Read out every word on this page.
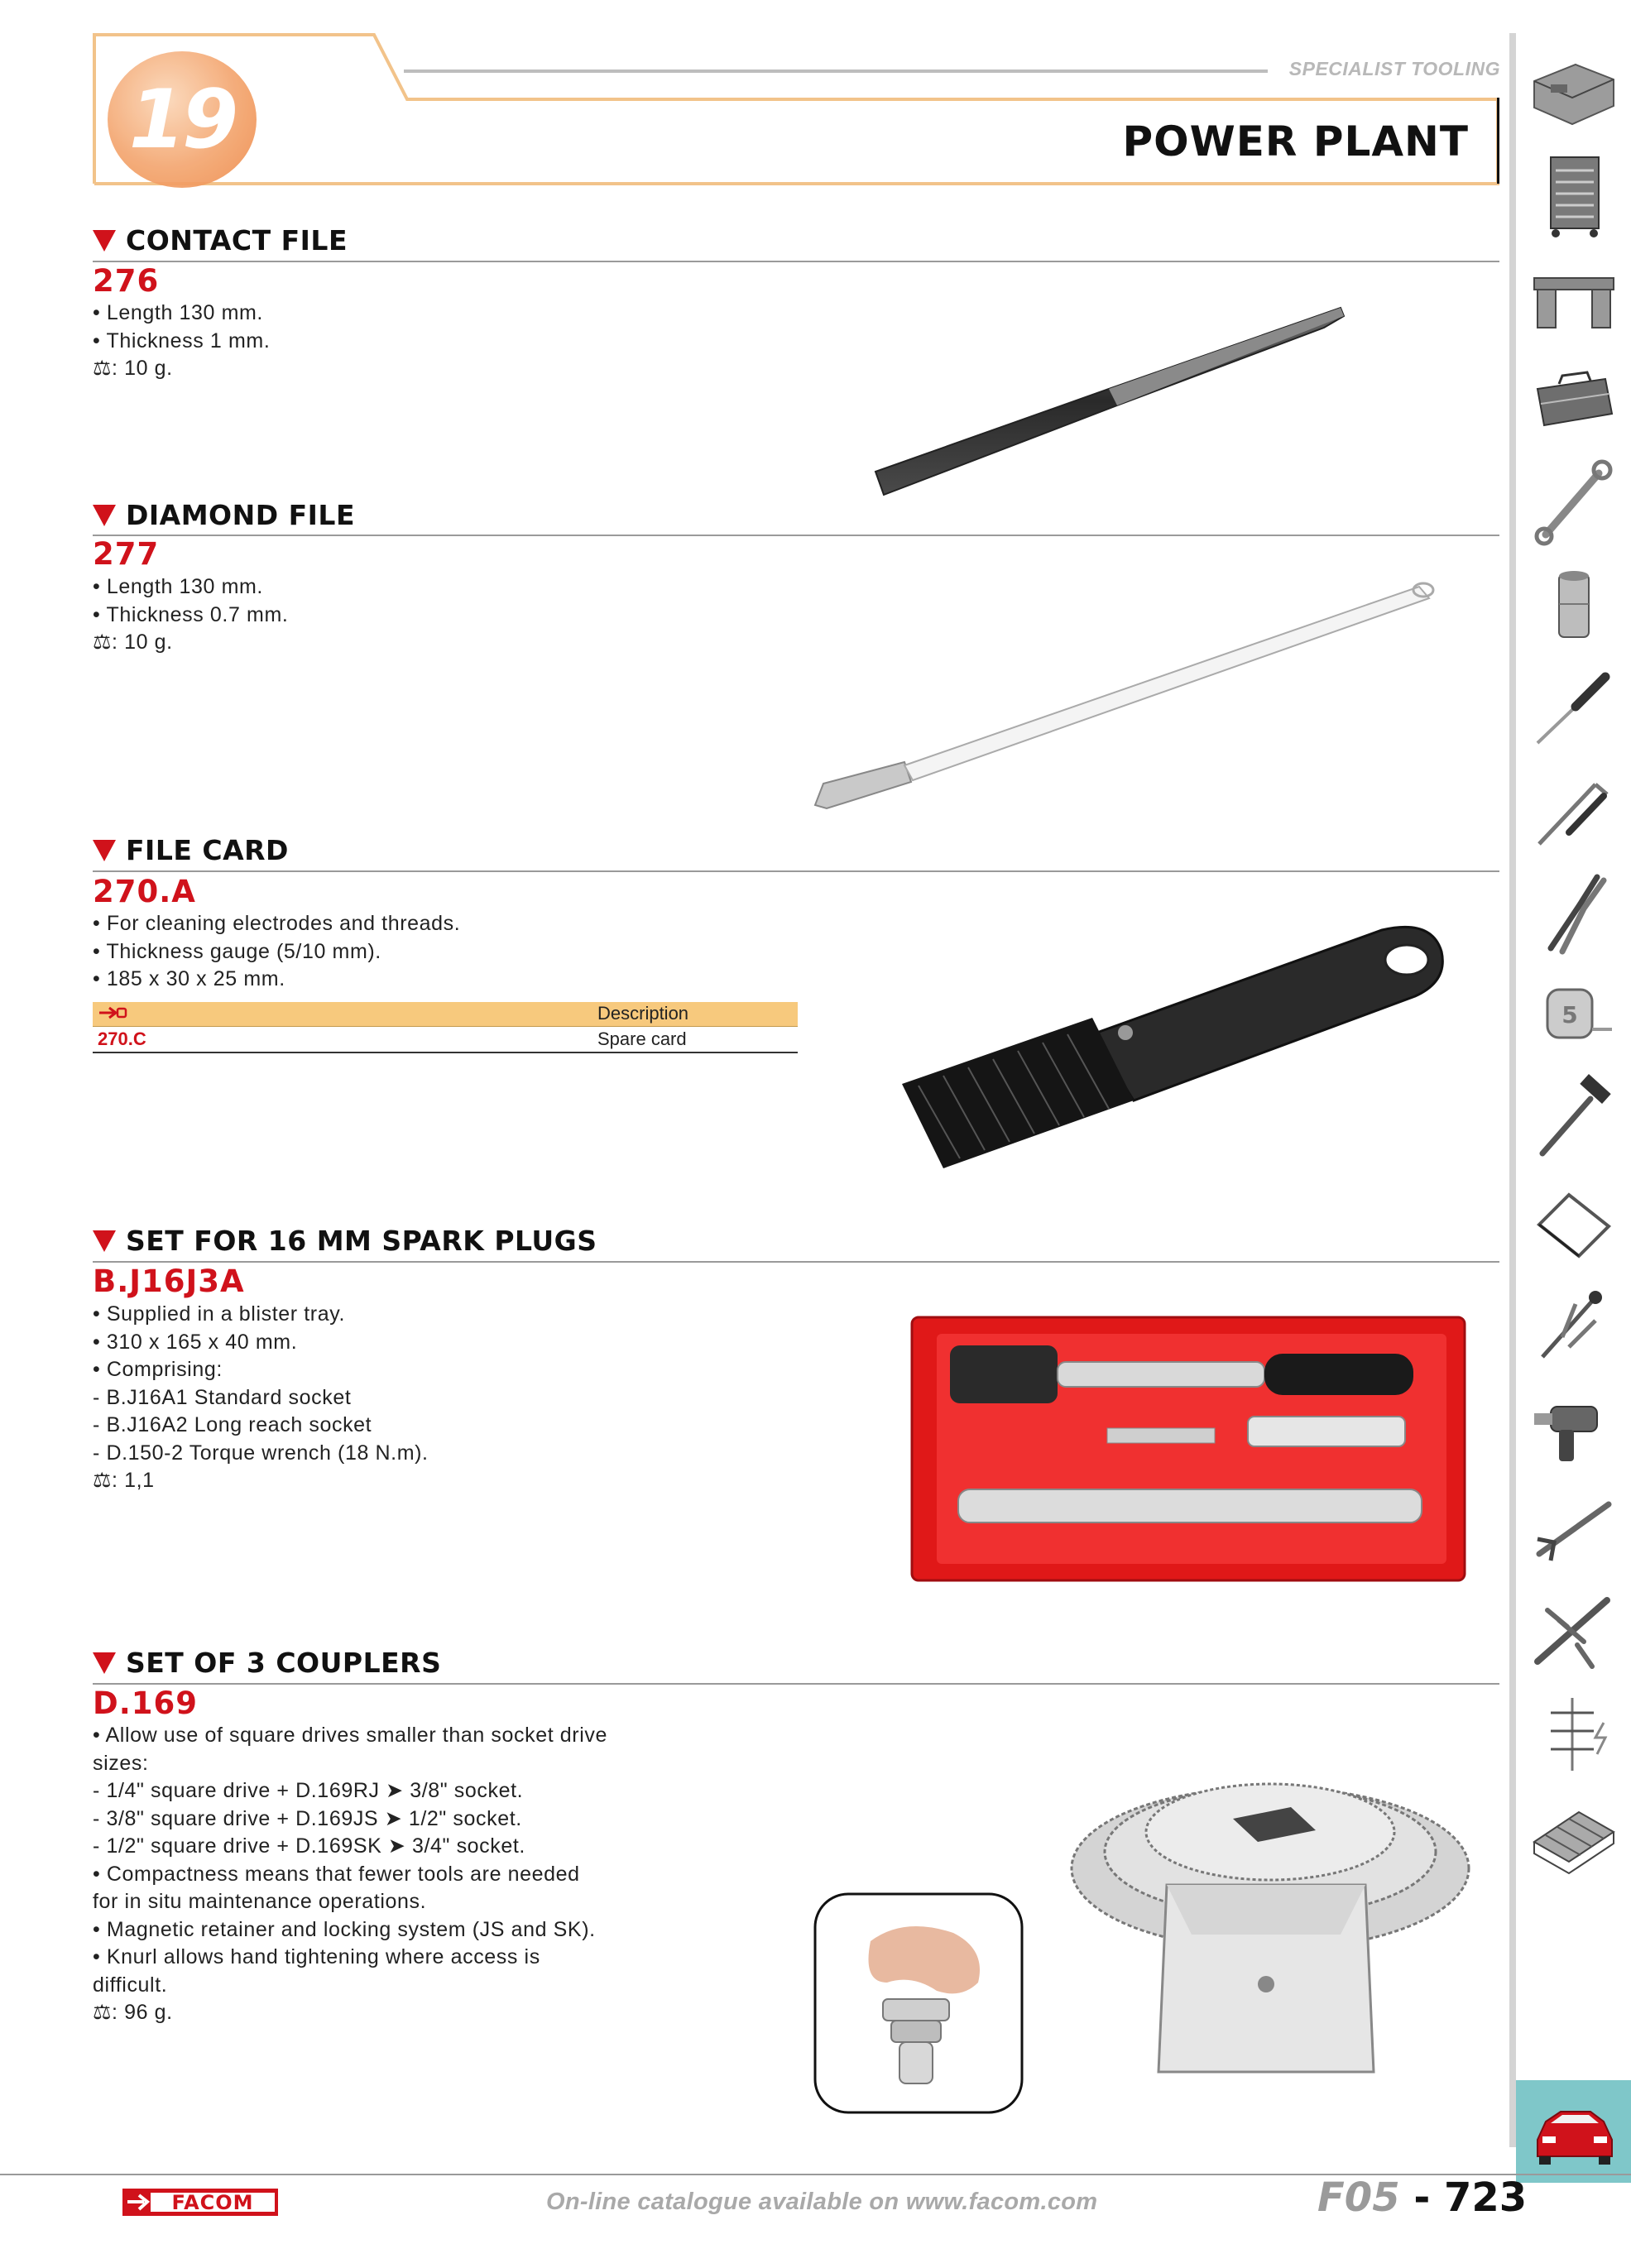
19
SPECIALIST TOOLING
POWER PLANT
5
CONTACT FILE
276
• Length 130 mm.
• Thickness 1 mm.
⚖: 10 g.
DIAMOND FILE
277
• Length 130 mm.
• Thickness 0.7 mm.
⚖: 10 g.
FILE CARD
270.A
• For cleaning electrodes and threads.
• Thickness gauge (5/10 mm).
• 185 x 30 x 25 mm.
	Description
270.C	Spare card
SET FOR 16 MM SPARK PLUGS
B.J16J3A
• Supplied in a blister tray.
• 310 x 165 x 40 mm.
• Comprising:
- B.J16A1 Standard socket
- B.J16A2 Long reach socket
- D.150-2 Torque wrench (18 N.m).
⚖: 1,1
SET OF 3 COUPLERS
D.169
• Allow use of square drives smaller than socket drive
sizes:
- 1/4" square drive + D.169RJ ➤ 3/8" socket.
- 3/8" square drive + D.169JS ➤ 1/2" socket.
- 1/2" square drive + D.169SK ➤ 3/4" socket.
• Compactness means that fewer tools are needed
for in situ maintenance operations.
• Magnetic retainer and locking system (JS and SK).
• Knurl allows hand tightening where access is
difficult.
⚖: 96 g.
FACOM	On-line catalogue available on www.facom.com	F05 - 723
